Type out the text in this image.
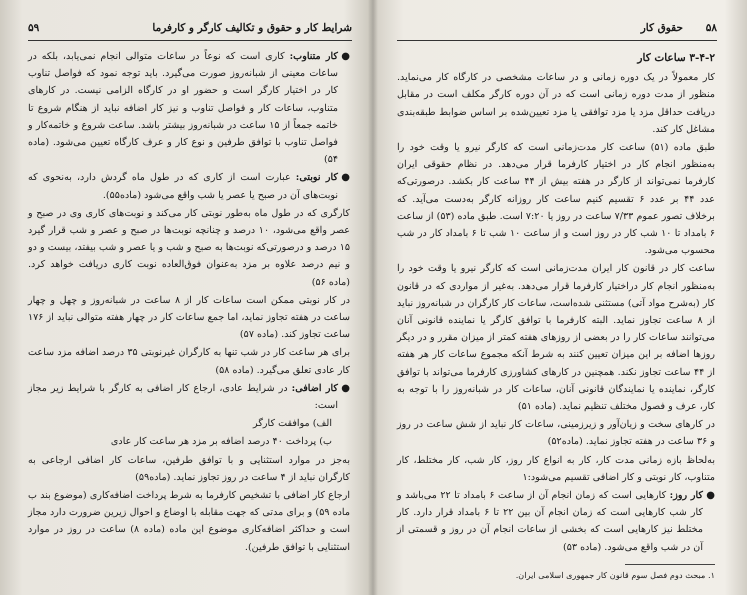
شرایط کار و حقوق و تکالیف کارگر و کارفرما
۵۹
●
کار متناوب: کاری است که نوعاً در ساعات متوالی انجام نمی‌یابد، بلکه در ساعات معینی از شبانه‌روز صورت می‌گیرد. باید توجه نمود که فواصل تناوب کار در اختیار کارگر است و حضور او در کارگاه الزامی نیست. در کارهای متناوب، ساعات کار و فواصل تناوب و نیز کار اضافه نباید از هنگام شروع تا خاتمه جمعاً از ۱۵ ساعت در شبانه‌روز بیشتر باشد. ساعت شروع و خاتمه‌کار و فواصل تناوب با توافق طرفین و نوع کار و عرف کارگاه تعیین می‌شود. (ماده ۵۴)
●
کار نوبتی: عبارت است از کاری که در طول ماه گردش دارد، به‌نحوی که نوبت‌های آن در صبح یا عصر یا شب واقع می‌شود (ماده۵۵).

کارگری که در طول ماه به‌طور نوبتی کار می‌کند و نوبت‌های کاری وی در صبح و عصر واقع می‌شود، ۱۰ درصد و چنانچه نوبت‌ها در صبح و عصر و شب قرار گیرد ۱۵ درصد و درصورتی‌که نوبت‌ها به صبح و شب و یا عصر و شب بیفتد، بیست و دو و نیم درصد علاوه بر مزد به‌عنوان فوق‌العاده نوبت کاری دریافت خواهد کرد. (ماده ۵۶)

در کار نوبتی ممکن است ساعات کار از ۸ ساعت در شبانه‌روز و چهل و چهار ساعت در هفته تجاوز نماید، اما جمع ساعات کار در چهار هفته متوالی نباید از ۱۷۶ ساعت تجاوز کند. (ماده ۵۷)

برای هر ساعت کار در شب تنها به کارگران غیرنوبتی ۳۵ درصد اضافه مزد ساعت کار عادی تعلق می‌گیرد. (ماده ۵۸)

●
کار اضافی: در شرایط عادی، ارجاع کار اضافی به کارگر با شرایط زیر مجاز است:

الف) موافقت کارگر

ب) پرداخت ۴۰ درصد اضافه بر مزد هر ساعت کار عادی

به‌جز در موارد استثنایی و با توافق طرفین، ساعات کار اضافی ارجاعی به کارگران نباید از ۴ ساعت در روز تجاوز نماید. (ماده۵۹)

ارجاع کار اضافی با تشخیص کارفرما به شرط پرداخت اضافه‌کاری (موضوع بند ب ماده ۵۹) و برای مدتی که جهت مقابله با اوضاع و احوال زیرین ضرورت دارد مجاز است و حداکثر اضافه‌کاری موضوع این ماده (ماده ۸) ساعت در روز در موارد استثنایی با توافق طرفین).

۵۸
حقوق کار
۳-۴-۲ ساعات کار

کار معمولاً در یک دوره زمانی و در ساعات مشخصی در کارگاه کار می‌نماید. منظور از مدت دوره زمانی است که در آن دوره کارگر مکلف است در مقابل دریافت حداقل مزد یا مزد توافقی یا مزد تعیین‌شده بر اساس ضوابط طبقه‌بندی مشاغل کار کند.

طبق ماده (۵۱) ساعت کار مدت‌زمانی است که کارگر نیرو یا وقت خود را به‌منظور انجام کار در اختیار کارفرما قرار می‌دهد. در نظام حقوقی ایران کارفرما نمی‌تواند از کارگر در هفته بیش از ۴۴ ساعت کار بکشد. درصورتی‌که عدد ۴۴ بر عدد ۶ تقسیم کنیم ساعت کار روزانه کارگر به‌دست می‌آید. که برخلاف تصور عموم ۷/۳۳ ساعت در روز یا ۷:۲۰ است. طبق ماده (۵۳) از ساعت ۶ بامداد تا ۱۰ شب کار در روز است و از ساعت ۱۰ شب تا ۶ بامداد کار در شب محسوب می‌شود.

ساعت کار در قانون کار ایران مدت‌زمانی است که کارگر نیرو یا وقت خود را به‌منظور انجام کار دراختیار کارفرما قرار می‌دهد. به‌غیر از مواردی که در قانون کار (به‌شرح مواد آتی) مستثنی شده‌است، ساعات کار کارگران در شبانه‌روز نباید از ۸ ساعت تجاوز نماید. البته کارفرما با توافق کارگر یا نماینده قانونی آنان می‌توانند ساعات کار را در بعضی از روزهای هفته کمتر از میزان مقرر و در دیگر روزها اضافه بر این میزان تعیین کنند به شرط آنکه مجموع ساعات کار هر هفته از ۴۴ ساعت تجاوز نکند. همچنین در کارهای کشاورزی کارفرما می‌تواند با توافق کارگر، نماینده یا نمایندگان قانونی آنان، ساعات کار در شبانه‌روز را با توجه به کار، عرف و فصول مختلف تنظیم نماید. (ماده ۵۱)

در کارهای سخت و زیان‌آور و زیرزمینی، ساعات کار نباید از شش ساعت در روز و ۳۶ ساعت در هفته تجاوز نماید. (ماده۵۲)

به‌لحاظ بازه زمانی مدت کار، کار به انواع کار روز، کار شب، کار مختلط، کار متناوب، کار نوبتی و کار اضافی تقسیم می‌شود:۱

●
کار روز: کارهایی است که زمان انجام آن از ساعت ۶ بامداد تا ۲۲ می‌باشد و کار شب کارهایی است که زمان انجام آن بین ۲۲ تا ۶ بامداد قرار دارد. کار مختلط نیز کارهایی است که بخشی از ساعات انجام آن در روز و قسمتی از آن در شب واقع می‌شود. (ماده ۵۳)
۱. مبحث دوم فصل سوم قانون کار جمهوری اسلامی ایران.
